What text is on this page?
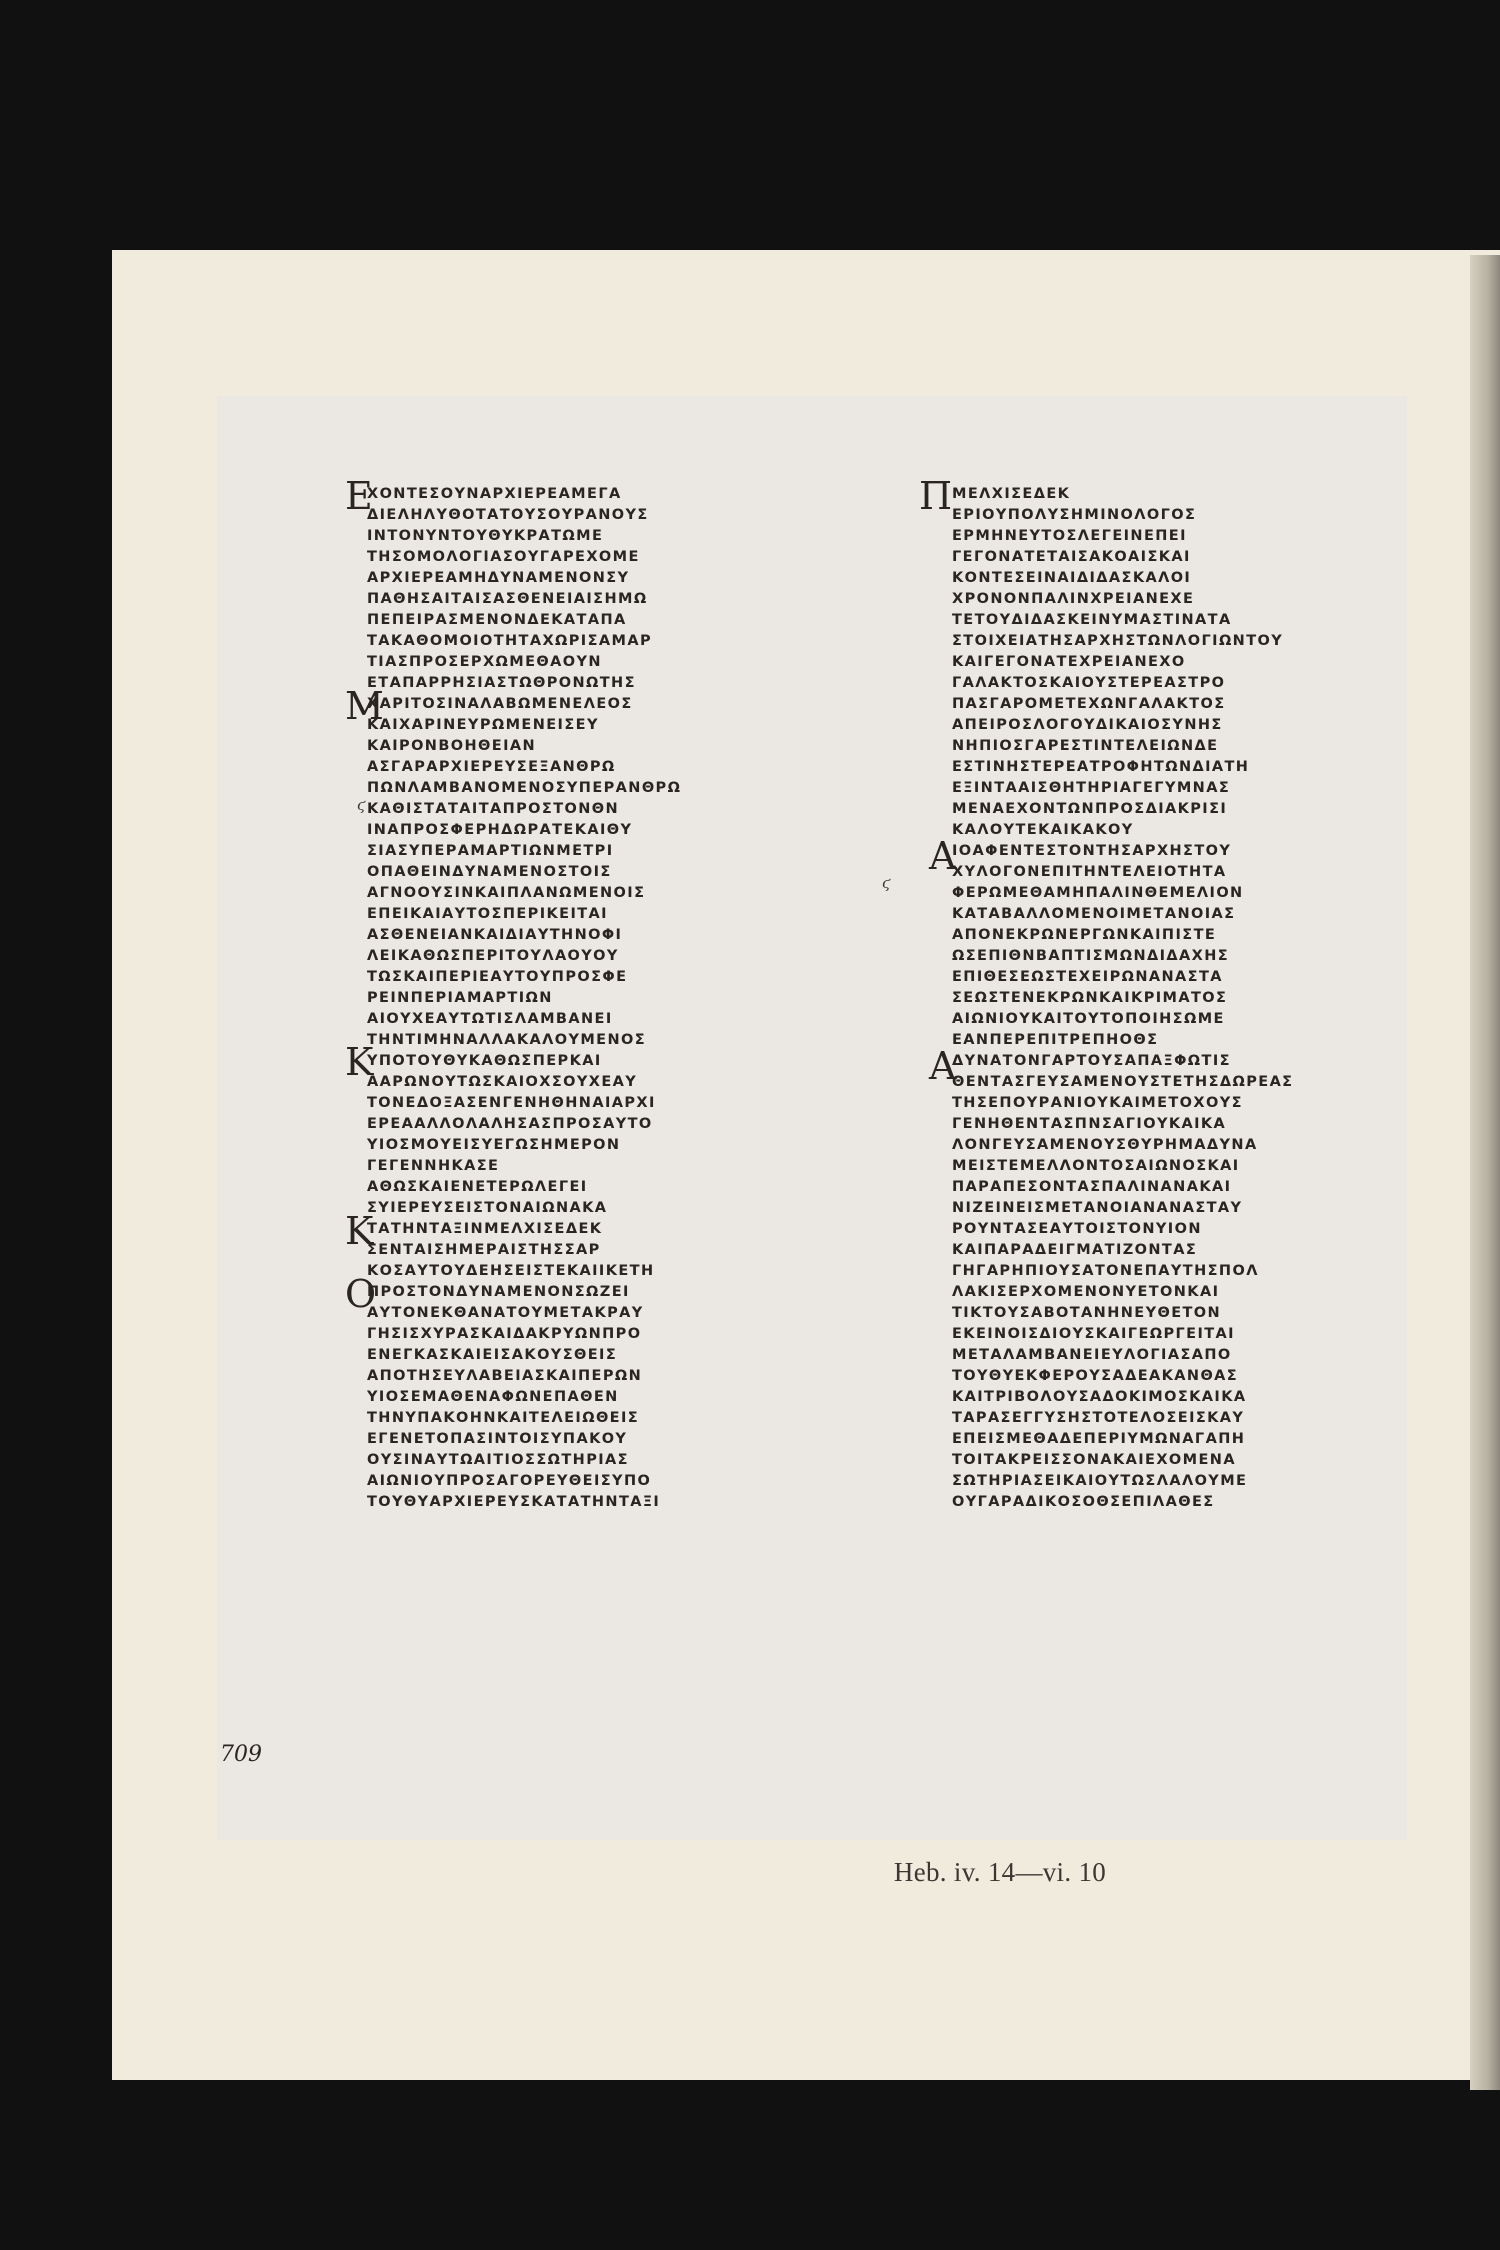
ΧΟΝΤΕΣΟΥΝΑΡΧΙΕΡΕΑΜΕΓΑ
ΔΙΕΛΗΛΥΘΟΤΑΤΟΥΣΟΥΡΑΝΟΥΣ
ΙΝΤΟΝΥΝΤΟΥΘΥΚΡΑΤΩΜΕ
ΤΗΣΟΜΟΛΟΓΙΑΣΟΥΓΑΡΕΧΟΜΕ
ΑΡΧΙΕΡΕΑΜΗΔΥΝΑΜΕΝΟΝΣΥ
ΠΑΘΗΣΑΙΤΑΙΣΑΣΘΕΝΕΙΑΙΣΗΜΩ
ΠΕΠΕΙΡΑΣΜΕΝΟΝΔΕΚΑΤΑΠΑ
ΤΑΚΑΘΟΜΟΙΟΤΗΤΑΧΩΡΙΣΑΜΑΡ
ΤΙΑΣΠΡΟΣΕΡΧΩΜΕΘΑΟΥΝ
ΕΤΑΠΑΡΡΗΣΙΑΣΤΩΘΡΟΝΩΤΗΣ
ΧΑΡΙΤΟΣΙΝΑΛΑΒΩΜΕΝΕΛΕΟΣ
ΚΑΙΧΑΡΙΝΕΥΡΩΜΕΝΕΙΣΕΥ
ΚΑΙΡΟΝΒΟΗΘΕΙΑΝ
ΑΣΓΑΡΑΡΧΙΕΡΕΥΣΕΞΑΝΘΡΩ
ΠΩΝΛΑΜΒΑΝΟΜΕΝΟΣΥΠΕΡΑΝΘΡΩ
ΚΑΘΙΣΤΑΤΑΙΤΑΠΡΟΣΤΟΝΘΝ
ΙΝΑΠΡΟΣΦΕΡΗΔΩΡΑΤΕΚΑΙΘΥ
ΣΙΑΣΥΠΕΡΑΜΑΡΤΙΩΝΜΕΤΡΙ
ΟΠΑΘΕΙΝΔΥΝΑΜΕΝΟΣΤΟΙΣ
ΑΓΝΟΟΥΣΙΝΚΑΙΠΛΑΝΩΜΕΝΟΙΣ
ΕΠΕΙΚΑΙΑΥΤΟΣΠΕΡΙΚΕΙΤΑΙ
ΑΣΘΕΝΕΙΑΝΚΑΙΔΙΑΥΤΗΝΟΦΙ
ΛΕΙΚΑΘΩΣΠΕΡΙΤΟΥΛΑΟΥΟΥ
ΤΩΣΚΑΙΠΕΡΙΕΑΥΤΟΥΠΡΟΣΦΕ
ΡΕΙΝΠΕΡΙΑΜΑΡΤΙΩΝ
ΑΙΟΥΧΕΑΥΤΩΤΙΣΛΑΜΒΑΝΕΙ
ΤΗΝΤΙΜΗΝΑΛΛΑΚΑΛΟΥΜΕΝΟΣ
ΥΠΟΤΟΥΘΥΚΑΘΩΣΠΕΡΚΑΙ
ΑΑΡΩΝΟΥΤΩΣΚΑΙΟΧΣΟΥΧΕΑΥ
ΤΟΝΕΔΟΞΑΣΕΝΓΕΝΗΘΗΝΑΙΑΡΧΙ
ΕΡΕΑΑΛΛΟΛΑΛΗΣΑΣΠΡΟΣΑΥΤΟ
ΥΙΟΣΜΟΥΕΙΣΥΕΓΩΣΗΜΕΡΟΝ
ΓΕΓΕΝΝΗΚΑΣΕ
ΑΘΩΣΚΑΙΕΝΕΤΕΡΩΛΕΓΕΙ
ΣΥΙΕΡΕΥΣΕΙΣΤΟΝΑΙΩΝΑΚΑ
ΤΑΤΗΝΤΑΞΙΝΜΕΛΧΙΣΕΔΕΚ
ΣΕΝΤΑΙΣΗΜΕΡΑΙΣΤΗΣΣΑΡ
ΚΟΣΑΥΤΟΥΔΕΗΣΕΙΣΤΕΚΑΙΙΚΕΤΗ
ΠΡΟΣΤΟΝΔΥΝΑΜΕΝΟΝΣΩΖΕΙ
ΑΥΤΟΝΕΚΘΑΝΑΤΟΥΜΕΤΑΚΡΑΥ
ΓΗΣΙΣΧΥΡΑΣΚΑΙΔΑΚΡΥΩΝΠΡΟ
ΕΝΕΓΚΑΣΚΑΙΕΙΣΑΚΟΥΣΘΕΙΣ
ΑΠΟΤΗΣΕΥΛΑΒΕΙΑΣΚΑΙΠΕΡΩΝ
ΥΙΟΣΕΜΑΘΕΝΑΦΩΝΕΠΑΘΕΝ
ΤΗΝΥΠΑΚΟΗΝΚΑΙΤΕΛΕΙΩΘΕΙΣ
ΕΓΕΝΕΤΟΠΑΣΙΝΤΟΙΣΥΠΑΚΟΥ
ΟΥΣΙΝΑΥΤΩΑΙΤΙΟΣΣΩΤΗΡΙΑΣ
ΑΙΩΝΙΟΥΠΡΟΣΑΓΟΡΕΥΘΕΙΣΥΠΟ
ΤΟΥΘΥΑΡΧΙΕΡΕΥΣΚΑΤΑΤΗΝΤΑΞΙ
ΜΕΛΧΙΣΕΔΕΚ
ΕΡΙΟΥΠΟΛΥΣΗΜΙΝΟΛΟΓΟΣ
ΕΡΜΗΝΕΥΤΟΣΛΕΓΕΙΝΕΠΕΙ
ΓΕΓΟΝΑΤΕΤΑΙΣΑΚΟΑΙΣΚΑΙ
ΚΟΝΤΕΣΕΙΝΑΙΔΙΔΑΣΚΑΛΟΙ
ΧΡΟΝΟΝΠΑΛΙΝΧΡΕΙΑΝΕΧΕ
ΤΕΤΟΥΔΙΔΑΣΚΕΙΝΥΜΑΣΤΙΝΑΤΑ
ΣΤΟΙΧΕΙΑΤΗΣΑΡΧΗΣΤΩΝΛΟΓΙΩΝΤΟΥ
ΚΑΙΓΕΓΟΝΑΤΕΧΡΕΙΑΝΕΧΟ
ΓΑΛΑΚΤΟΣΚΑΙΟΥΣΤΕΡΕΑΣΤΡΟ
ΠΑΣΓΑΡΟΜΕΤΕΧΩΝΓΑΛΑΚΤΟΣ
ΑΠΕΙΡΟΣΛΟΓΟΥΔΙΚΑΙΟΣΥΝΗΣ
ΝΗΠΙΟΣΓΑΡΕΣΤΙΝΤΕΛΕΙΩΝΔΕ
ΕΣΤΙΝΗΣΤΕΡΕΑΤΡΟΦΗΤΩΝΔΙΑΤΗ
ΕΞΙΝΤΑΑΙΣΘΗΤΗΡΙΑΓΕΓΥΜΝΑΣ
ΜΕΝΑΕΧΟΝΤΩΝΠΡΟΣΔΙΑΚΡΙΣΙ
ΚΑΛΟΥΤΕΚΑΙΚΑΚΟΥ
ΙΟΑΦΕΝΤΕΣΤΟΝΤΗΣΑΡΧΗΣΤΟΥ
ΧΥΛΟΓΟΝΕΠΙΤΗΝΤΕΛΕΙΟΤΗΤΑ
ΦΕΡΩΜΕΘΑΜΗΠΑΛΙΝΘΕΜΕΛΙΟΝ
ΚΑΤΑΒΑΛΛΟΜΕΝΟΙΜΕΤΑΝΟΙΑΣ
ΑΠΟΝΕΚΡΩΝΕΡΓΩΝΚΑΙΠΙΣΤΕ
ΩΣΕΠΙΘΝΒΑΠΤΙΣΜΩΝΔΙΔΑΧΗΣ
ΕΠΙΘΕΣΕΩΣΤΕΧΕΙΡΩΝΑΝΑΣΤΑ
ΣΕΩΣΤΕΝΕΚΡΩΝΚΑΙΚΡΙΜΑΤΟΣ
ΑΙΩΝΙΟΥΚΑΙΤΟΥΤΟΠΟΙΗΣΩΜΕ
ΕΑΝΠΕΡΕΠΙΤΡΕΠΗΟΘΣ
ΔΥΝΑΤΟΝΓΑΡΤΟΥΣΑΠΑΞΦΩΤΙΣ
ΘΕΝΤΑΣΓΕΥΣΑΜΕΝΟΥΣΤΕΤΗΣΔΩΡΕΑΣ
ΤΗΣΕΠΟΥΡΑΝΙΟΥΚΑΙΜΕΤΟΧΟΥΣ
ΓΕΝΗΘΕΝΤΑΣΠΝΣΑΓΙΟΥΚΑΙΚΑ
ΛΟΝΓΕΥΣΑΜΕΝΟΥΣΘΥΡΗΜΑΔΥΝΑ
ΜΕΙΣΤΕΜΕΛΛΟΝΤΟΣΑΙΩΝΟΣΚΑΙ
ΠΑΡΑΠΕΣΟΝΤΑΣΠΑΛΙΝΑΝΑΚΑΙ
ΝΙΖΕΙΝΕΙΣΜΕΤΑΝΟΙΑΝΑΝΑΣΤΑΥ
ΡΟΥΝΤΑΣΕΑΥΤΟΙΣΤΟΝΥΙΟΝ
ΚΑΙΠΑΡΑΔΕΙΓΜΑΤΙΖΟΝΤΑΣ
ΓΗΓΑΡΗΠΙΟΥΣΑΤΟΝΕΠΑΥΤΗΣΠΟΛ
ΛΑΚΙΣΕΡΧΟΜΕΝΟΝΥΕΤΟΝΚΑΙ
ΤΙΚΤΟΥΣΑΒΟΤΑΝΗΝΕΥΘΕΤΟΝ
ΕΚΕΙΝΟΙΣΔΙΟΥΣΚΑΙΓΕΩΡΓΕΙΤΑΙ
ΜΕΤΑΛΑΜΒΑΝΕΙΕΥΛΟΓΙΑΣΑΠΟ
ΤΟΥΘΥΕΚΦΕΡΟΥΣΑΔΕΑΚΑΝΘΑΣ
ΚΑΙΤΡΙΒΟΛΟΥΣΑΔΟΚΙΜΟΣΚΑΙΚΑ
ΤΑΡΑΣΕΓΓΥΣΗΣΤΟΤΕΛΟΣΕΙΣΚΑΥ
ΕΠΕΙΣΜΕΘΑΔΕΠΕΡΙΥΜΩΝΑΓΑΠΗ
ΤΟΙΤΑΚΡΕΙΣΣΟΝΑΚΑΙΕΧΟΜΕΝΑ
ΣΩΤΗΡΙΑΣΕΙΚΑΙΟΥΤΩΣΛΑΛΟΥΜΕ
ΟΥΓΑΡΑΔΙΚΟΣΟΘΣΕΠΙΛΑΘΕΣ
Ε
Μ
Κ
Κ
Ο
Π
Α
Α
ϛ
ϛ
709
Heb. iv. 14—vi. 10
